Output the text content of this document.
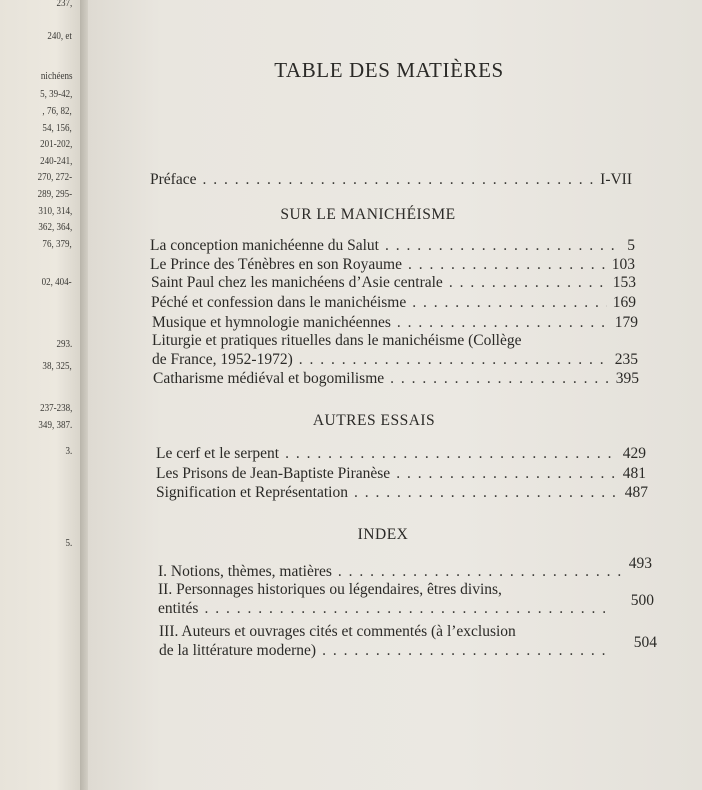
237,
240, et
nichéens
5, 39-42,
, 76, 82,
54, 156,
201-202,
240-241,
270, 272-
289, 295-
310, 314,
362, 364,
76, 379,
02, 404-
293.
38, 325,
237-238,
349, 387.
3.
5.
TABLE DES MATIÈRES
Préface . . .	I-VII
SUR LE MANICHÉISME
La conception manichéenne du Salut . . .	5
Le Prince des Ténèbres en son Royaume . . .	103
Saint Paul chez les manichéens d’Asie centrale . . .	153
Péché et confession dans le manichéisme . . .	169
Musique et hymnologie manichéennes . . .	179
Liturgie et pratiques rituelles dans le manichéisme (Collège
de France, 1952-1972) . . .	235
Catharisme médiéval et bogomilisme . . .	395
AUTRES ESSAIS
Le cerf et le serpent . . .	429
Les Prisons de Jean-Baptiste Piranèse . . .	481
Signification et Représentation . . .	487
INDEX
I. Notions, thèmes, matières . . .	493
II. Personnages historiques ou légendaires, êtres divins,
entités . . .	500
III. Auteurs et ouvrages cités et commentés (à l’exclusion
de la littérature moderne) . . .	504
